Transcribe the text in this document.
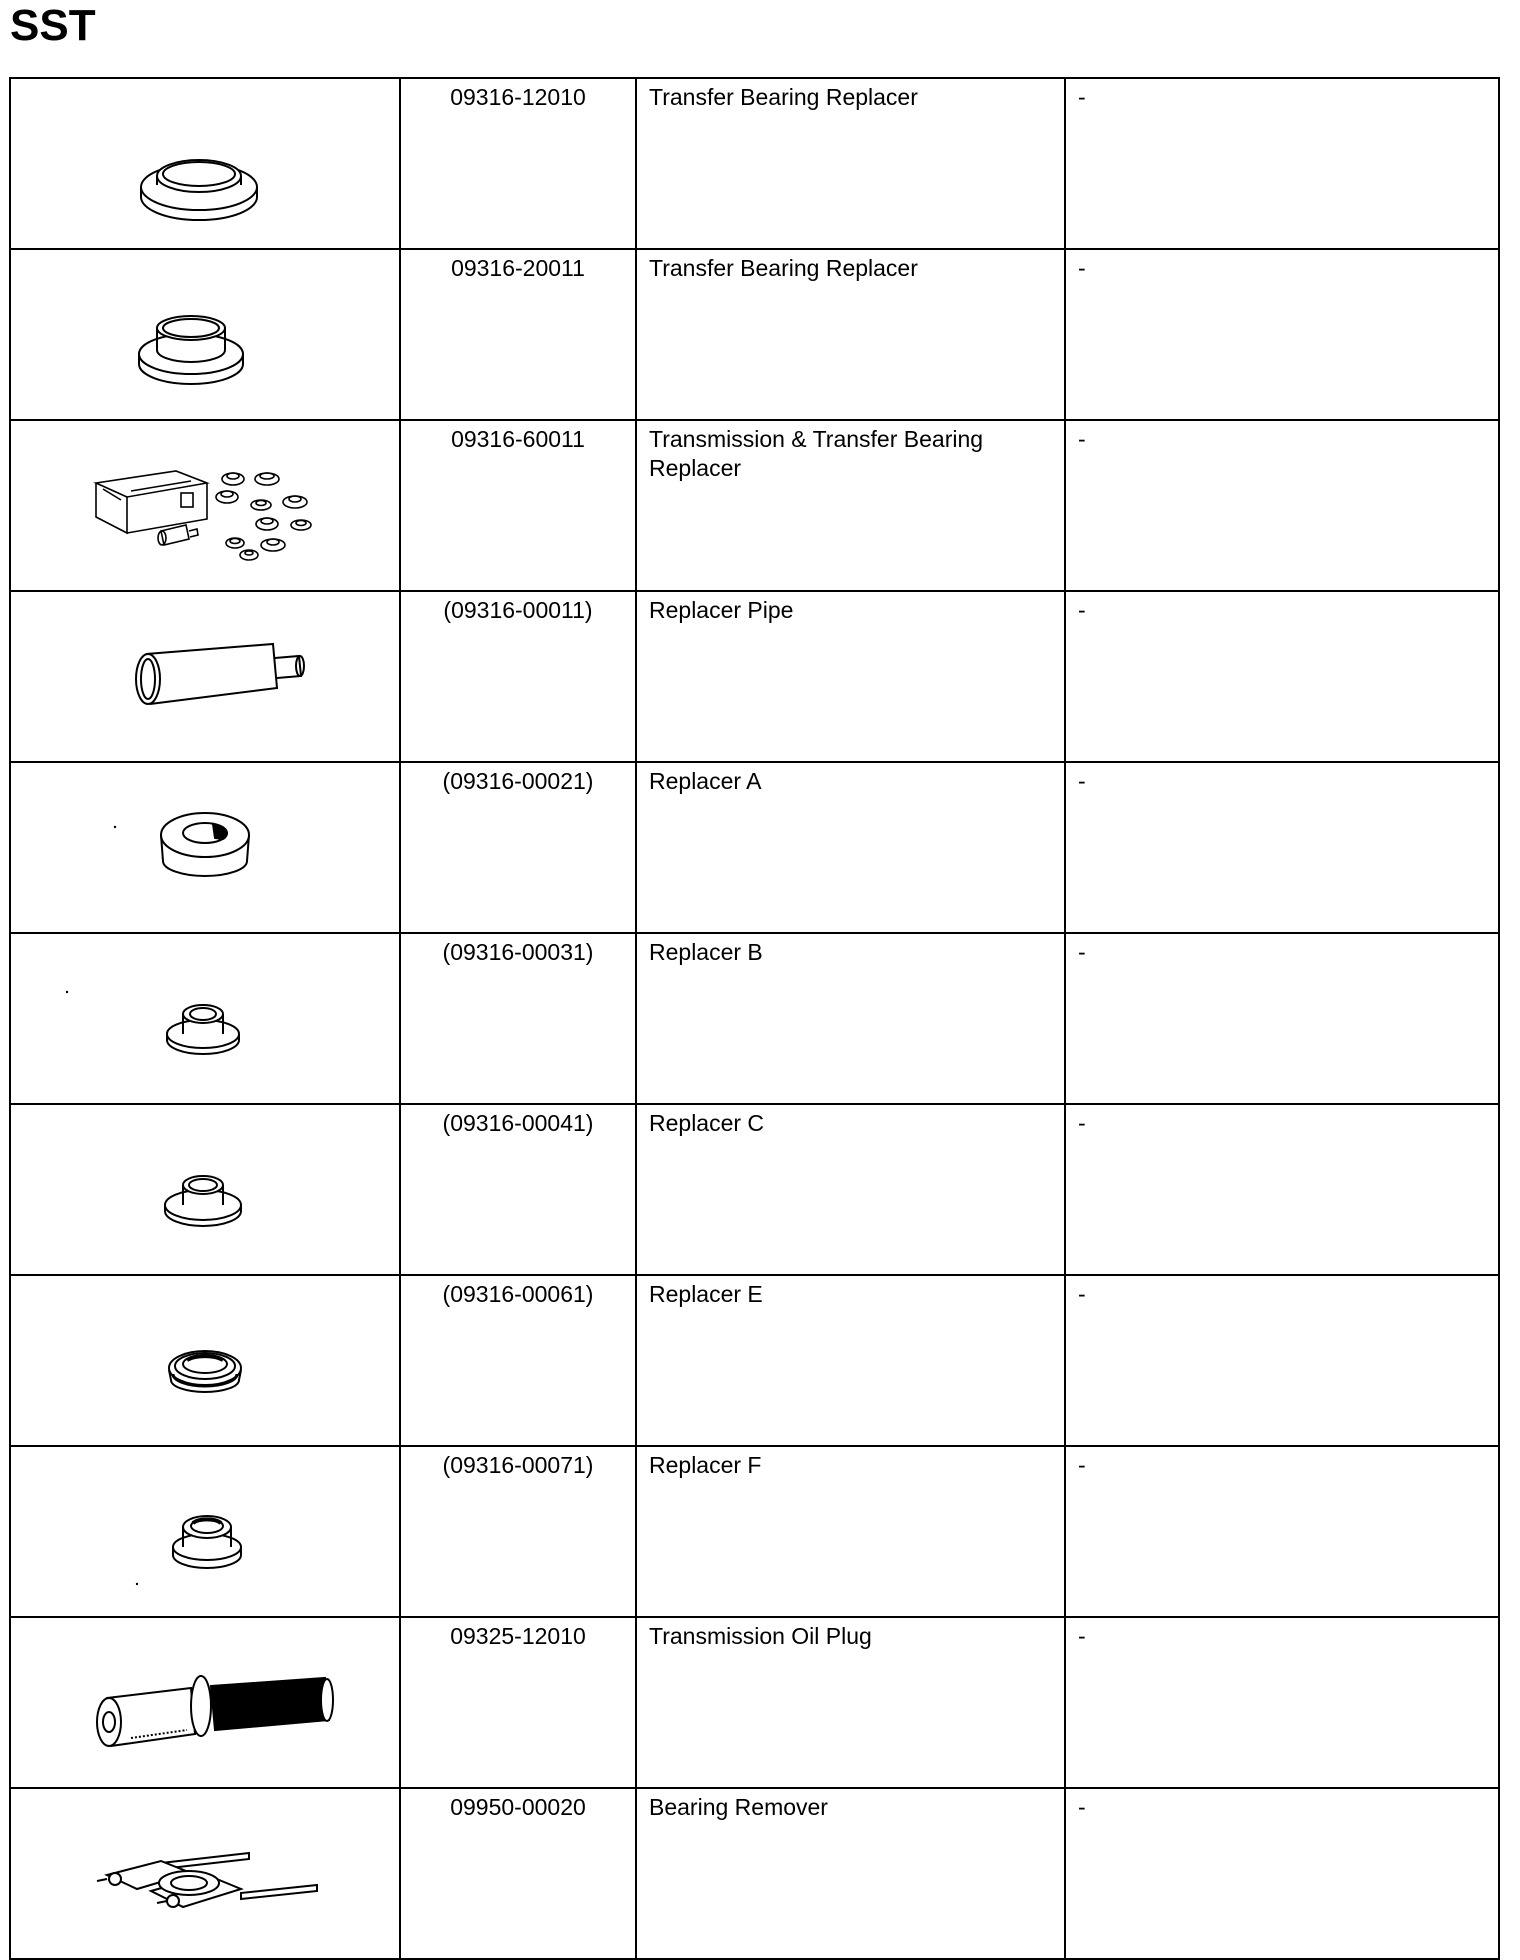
SST
	09316-12010	Transfer Bearing Replacer	-

	09316-20011	Transfer Bearing Replacer	-

	09316-60011	Transmission & Transfer Bearing Replacer	-

	(09316-00011)	Replacer Pipe	-

	(09316-00021)	Replacer A	-

	(09316-00031)	Replacer B	-

	(09316-00041)	Replacer C	-

	(09316-00061)	Replacer E	-

	(09316-00071)	Replacer F	-

	09325-12010	Transmission Oil Plug	-

	09950-00020	Bearing Remover	-
